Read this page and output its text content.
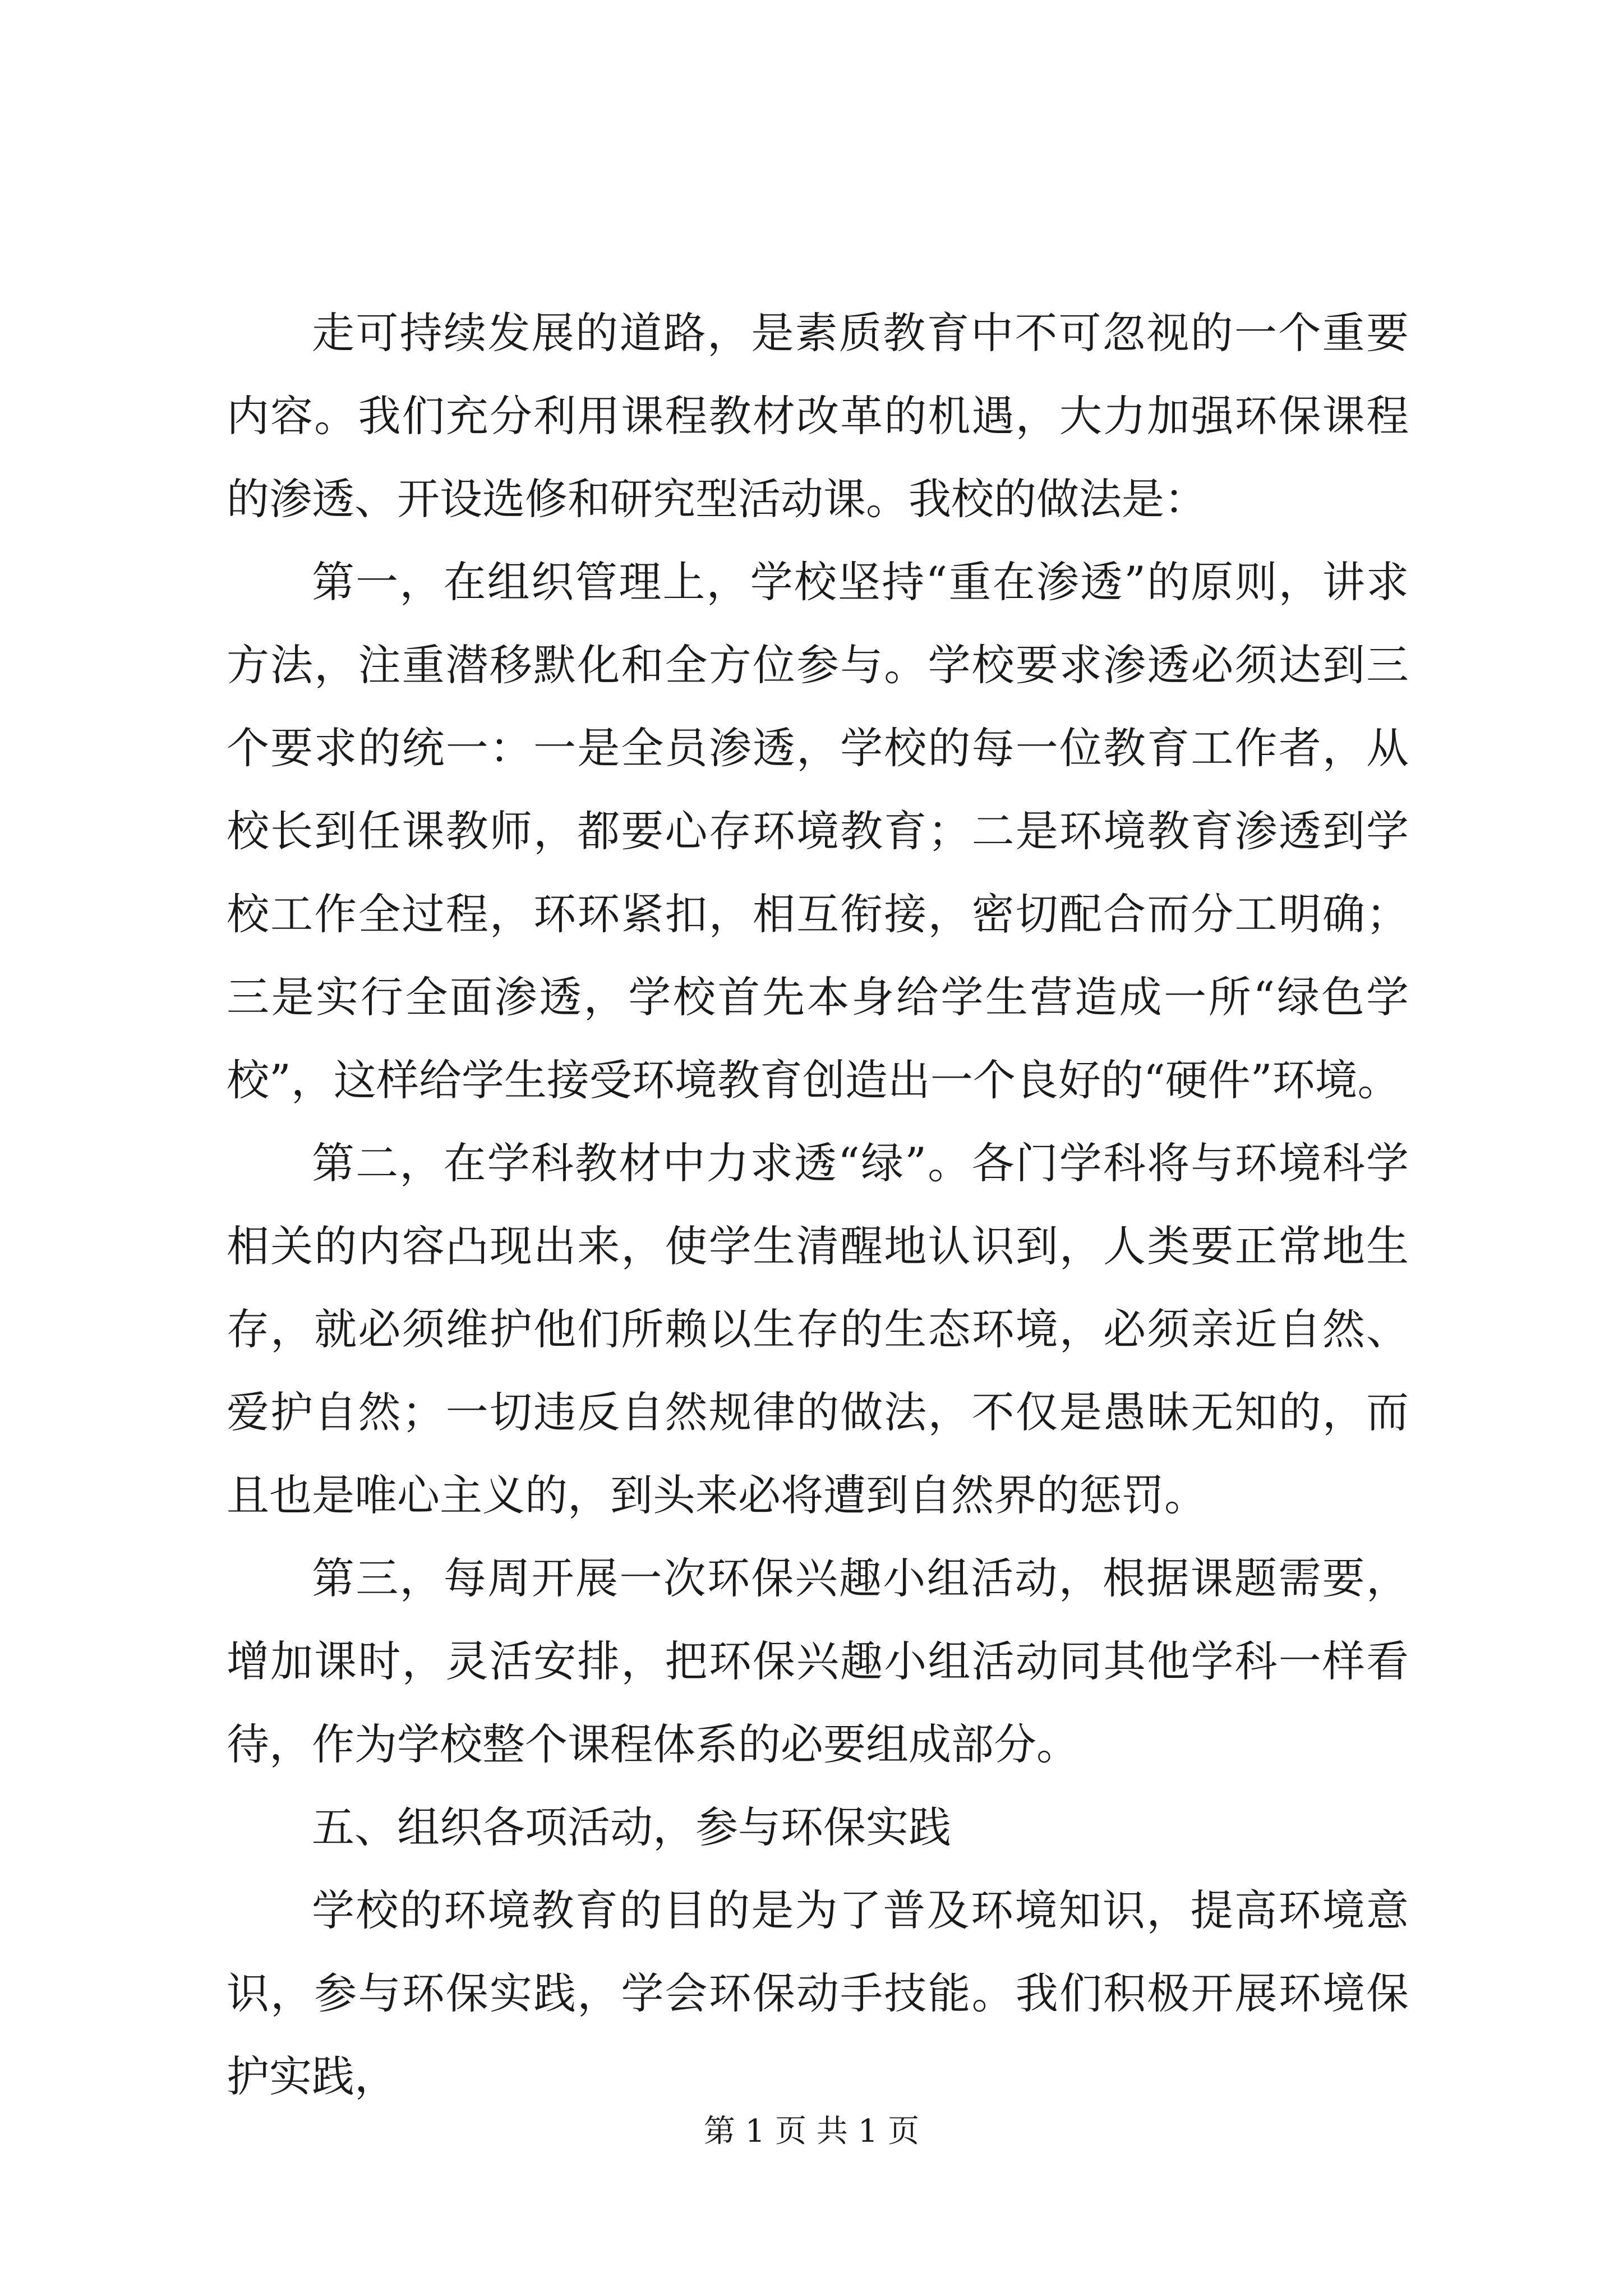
走可持续发展的道路，是素质教育中不可忽视的一个重要内容。我们充分利用课程教材改革的机遇，大力加强环保课程的渗透、开设选修和研究型活动课。我校的做法是：

第一，在组织管理上，学校坚持“重在渗透”的原则，讲求方法，注重潜移默化和全方位参与。学校要求渗透必须达到三个要求的统一：一是全员渗透，学校的每一位教育工作者，从校长到任课教师，都要心存环境教育；二是环境教育渗透到学校工作全过程，环环紧扣，相互衔接，密切配合而分工明确；三是实行全面渗透，学校首先本身给学生营造成一所“绿色学校”，这样给学生接受环境教育创造出一个良好的“硬件”环境。

第二，在学科教材中力求透“绿”。各门学科将与环境科学相关的内容凸现出来，使学生清醒地认识到，人类要正常地生存，就必须维护他们所赖以生存的生态环境，必须亲近自然、爱护自然；一切违反自然规律的做法，不仅是愚昧无知的，而且也是唯心主义的，到头来必将遭到自然界的惩罚。

第三，每周开展一次环保兴趣小组活动，根据课题需要，增加课时，灵活安排，把环保兴趣小组活动同其他学科一样看待，作为学校整个课程体系的必要组成部分。

五、组织各项活动，参与环保实践

学校的环境教育的目的是为了普及环境知识，提高环境意识，参与环保实践，学会环保动手技能。我们积极开展环境保护实践，

第 1 页 共 1 页
